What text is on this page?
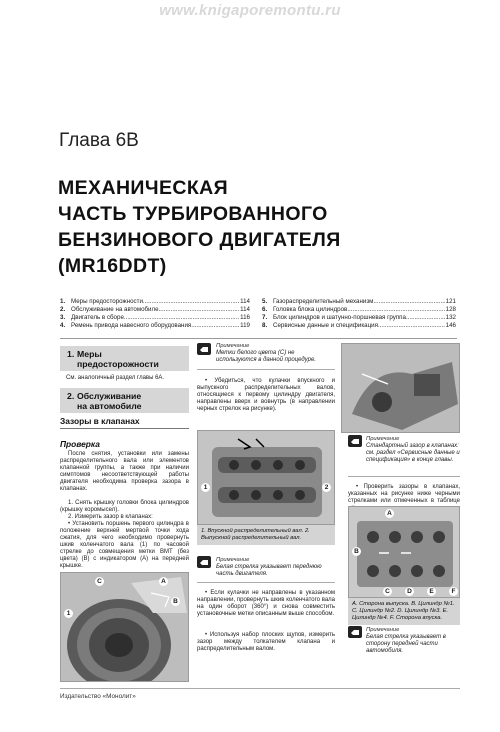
www.knigaporemontu.ru
Глава 6B
МЕХАНИЧЕСКАЯ
ЧАСТЬ ТУРБИРОВАННОГО
БЕНЗИНОВОГО ДВИГАТЕЛЯ
(MR16DDT)
1. Меры предосторожности .....	114
2. Обслуживание на автомобиле .....	114
3. Двигатель в сборе .....	116
4. Ремень привода навесного оборудования .....	119
5. Газораспределительный механизм .....	121
6. Головка блока цилиндров .....	128
7. Блок цилиндров и шатунно-поршневая группа .....	132
8. Сервисные данные и спецификация .....	146
1. Меры
предосторожности
См. аналогичный раздел главы 6А.
2. Обслуживание
на автомобиле
Зазоры в клапанах
Проверка
После снятия, установки или замены распределительного вала или элементов клапанной группы, а также при наличии симптомов несоответствующей работы двигателя необходима проверка зазора в клапанах.
1. Снять крышку головки блока цилиндров (крышку коромысел).
2. Измерить зазор в клапанах:
• Установить поршень первого цилиндра в положение верхней мертвой точки хода сжатия, для чего необходимо провернуть шкив коленчатого вала (1) по часовой стрелке до совмещения метки ВМТ (без цвета) (В) с индикатором (А) на передней крышке.
C	A
B
1
Примечание
Метки белого цвета (С) не используются в данной процедуре.
• Убедиться, что кулачки впускного и выпускного распределительных валов, относящиеся к первому цилиндру двигателя, направлены вверх и вовнутрь (в направлении черных стрелок на рисунке).
1	2
1. Впускной распределительный вал. 2. Выпускной распределительный вал.
Примечание
Белая стрелка указывает переднюю часть двигателя.
• Если кулачки не направлены в указанном направлении, провернуть шкив коленчатого вала на один оборот (360°) и снова совместить установочные метки описанным выше способом.
• Используя набор плоских щупов, измерить зазор между толкателем клапана и распределительным валом.
Примечание
Стандартный зазор в клапанах: см. раздел «Сервисные данные и спецификация» в конце главы.
• Проверить зазоры в клапанах, указанных на рисунке ниже черными стрелками или отмеченных в таблице
A
B
C	D	E	F
A. Сторона выпуска. B. Цилиндр №1. C. Цилиндр №2. D. Цилиндр №3. E. Цилиндр №4. F. Сторона впуска.
Примечание
Белая стрелка указывает в сторону передней части автомобиля.
Издательство «Монолит»
